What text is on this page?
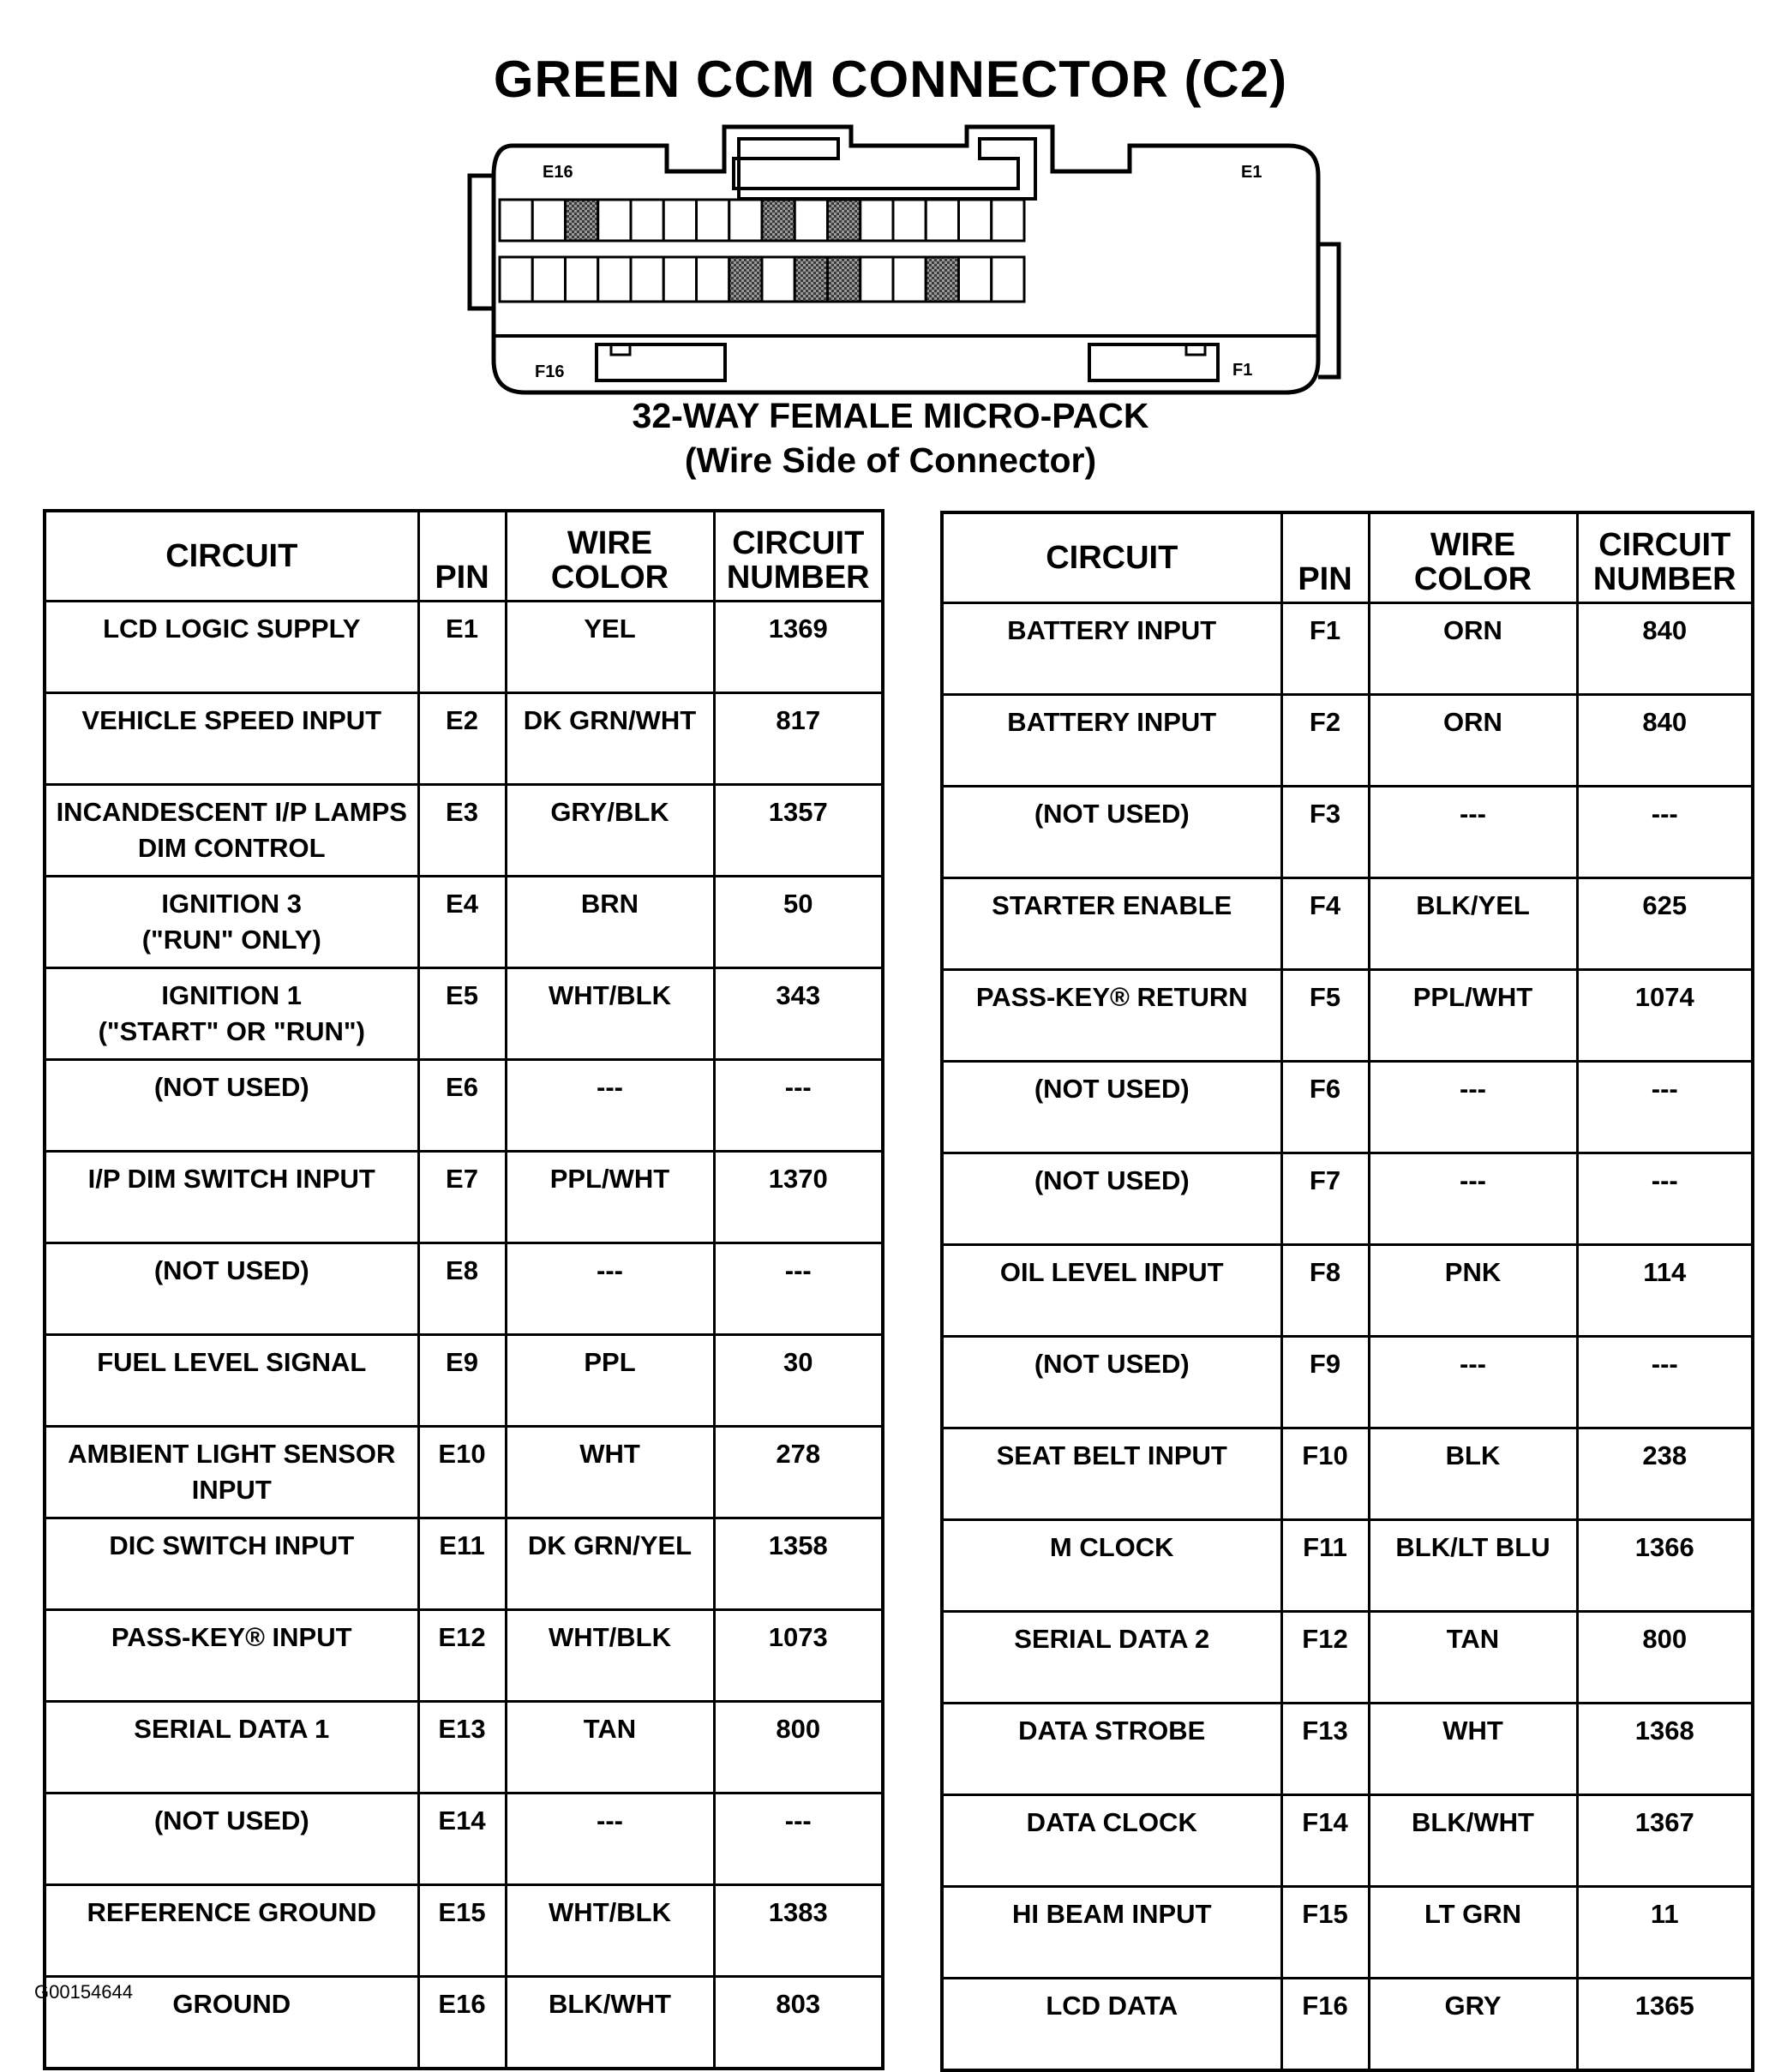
GREEN CCM CONNECTOR (C2)
E16	E1
F16	F1
32-WAY FEMALE MICRO-PACK
(Wire Side of Connector)
CIRCUIT	PIN	WIRE COLOR	CIRCUIT NUMBER
LCD LOGIC SUPPLY	E1	YEL	1369
VEHICLE SPEED INPUT	E2	DK GRN/WHT	817
INCANDESCENT I/P LAMPS
DIM CONTROL	E3	GRY/BLK	1357
IGNITION 3
("RUN" ONLY)	E4	BRN	50
IGNITION 1
("START" OR "RUN")	E5	WHT/BLK	343
(NOT USED)	E6	---	---
I/P DIM SWITCH INPUT	E7	PPL/WHT	1370
(NOT USED)	E8	---	---
FUEL LEVEL SIGNAL	E9	PPL	30
AMBIENT LIGHT SENSOR
INPUT	E10	WHT	278
DIC SWITCH INPUT	E11	DK GRN/YEL	1358
PASS-KEY® INPUT	E12	WHT/BLK	1073
SERIAL DATA 1	E13	TAN	800
(NOT USED)	E14	---	---
REFERENCE GROUND	E15	WHT/BLK	1383
GROUND	E16	BLK/WHT	803
CIRCUIT	PIN	WIRE COLOR	CIRCUIT NUMBER
BATTERY INPUT	F1	ORN	840
BATTERY INPUT	F2	ORN	840
(NOT USED)	F3	---	---
STARTER ENABLE	F4	BLK/YEL	625
PASS-KEY® RETURN	F5	PPL/WHT	1074
(NOT USED)	F6	---	---
(NOT USED)	F7	---	---
OIL LEVEL INPUT	F8	PNK	114
(NOT USED)	F9	---	---
SEAT BELT INPUT	F10	BLK	238
M CLOCK	F11	BLK/LT BLU	1366
SERIAL DATA 2	F12	TAN	800
DATA STROBE	F13	WHT	1368
DATA CLOCK	F14	BLK/WHT	1367
HI BEAM INPUT	F15	LT GRN	11
LCD DATA	F16	GRY	1365
G00154644
